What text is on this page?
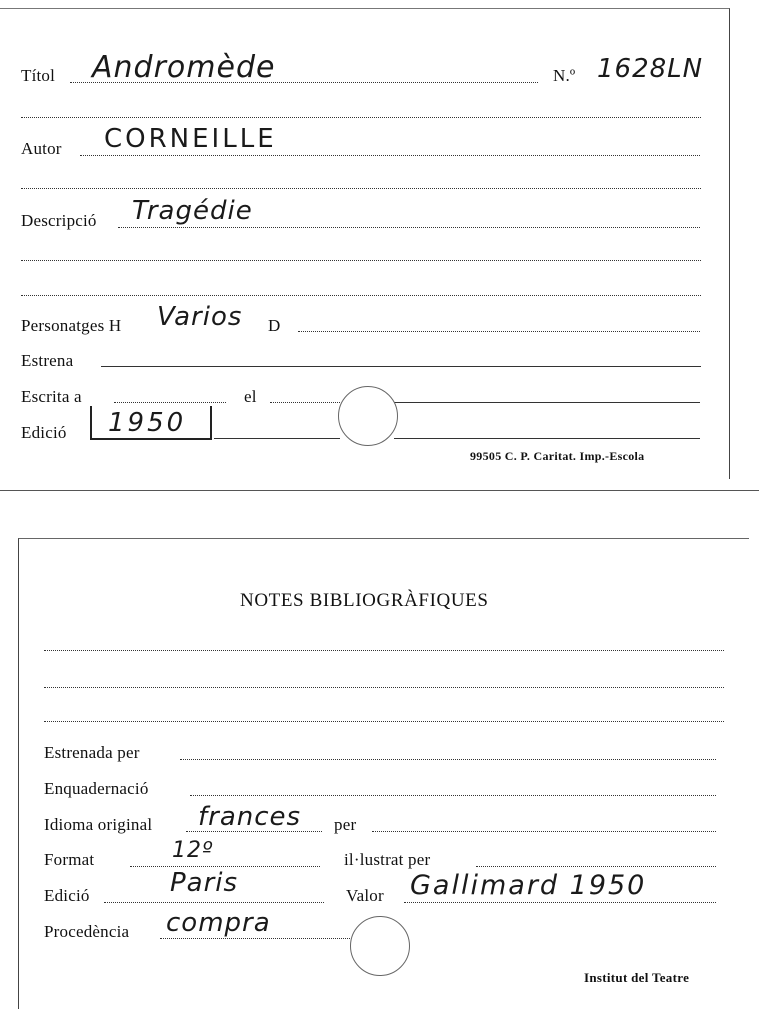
Títol Andromède	N.º 1628LN
Autor CORNEILLE
Descripció Tragédie
Personatges H Varios D
Estrena
Escrita a	el
Edició 1950
99505 C. P. Caritat. Imp.-Escola
NOTES BIBLIOGRÀFIQUES
Estrenada per
Enquadernació
Idioma original frances per
Format	12º	il·lustrat per
Edició	Paris	Valor Gallimard 1950
Procedència compra
Institut del Teatre
